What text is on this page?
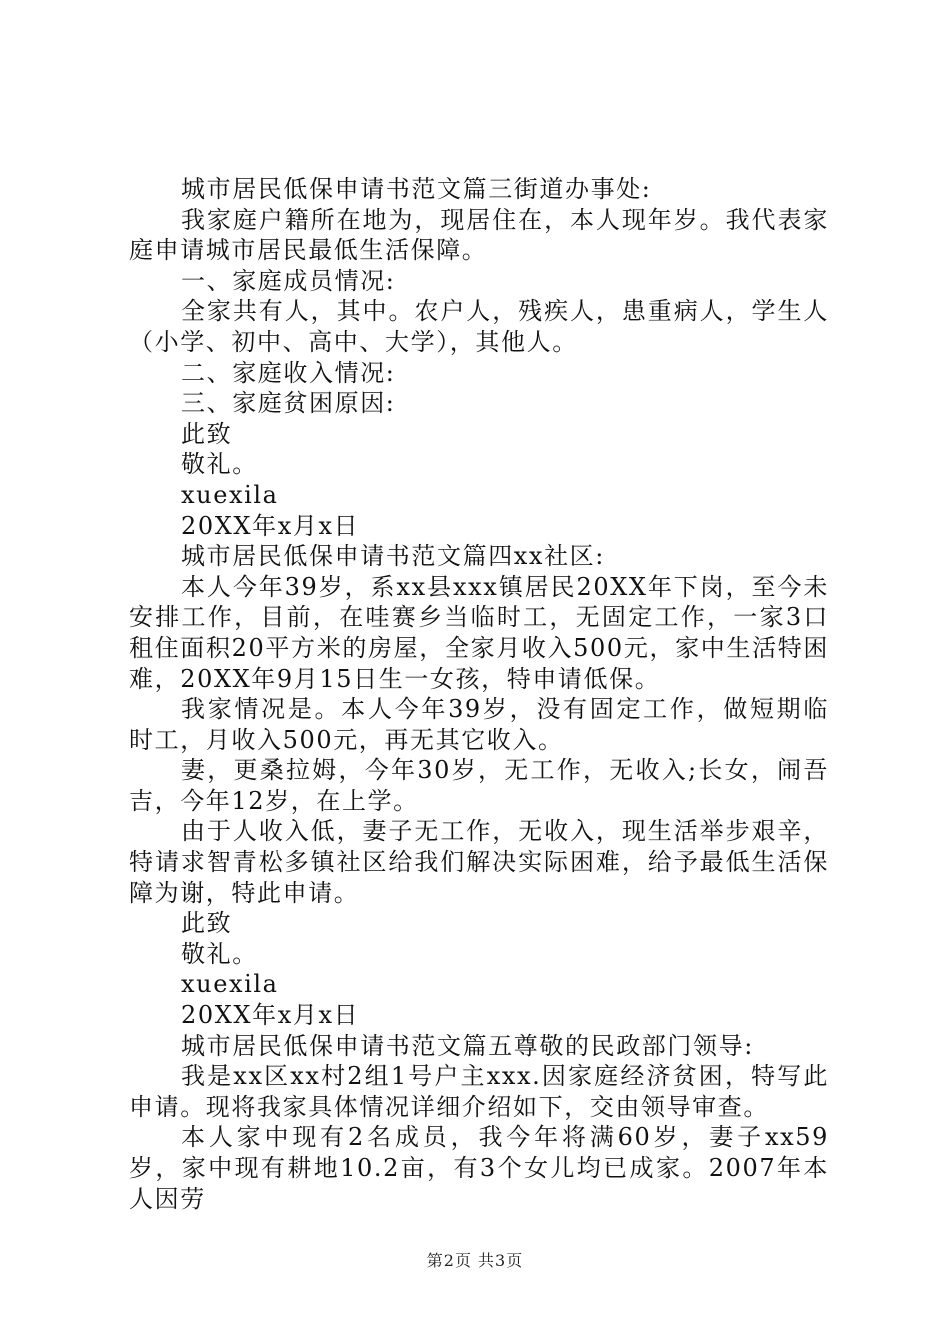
城市居民低保申请书范文篇三街道办事处:

我家庭户籍所在地为，现居住在，本人现年岁。我代表家庭申请城市居民最低生活保障。

一、家庭成员情况:

全家共有人，其中。农户人，残疾人，患重病人，学生人（小学、初中、高中、大学），其他人。

二、家庭收入情况:

三、家庭贫困原因:

此致

敬礼。

xuexila

20XX年x月x日

城市居民低保申请书范文篇四xx社区:

本人今年39岁，系xx县xxx镇居民20XX年下岗，至今未安排工作，目前，在哇赛乡当临时工，无固定工作，一家3口租住面积20平方米的房屋，全家月收入500元，家中生活特困难，20XX年9月15日生一女孩，特申请低保。

我家情况是。本人今年39岁，没有固定工作，做短期临时工，月收入500元，再无其它收入。

妻，更桑拉姆，今年30岁，无工作，无收入;长女，闹吾吉，今年12岁，在上学。

由于人收入低，妻子无工作，无收入，现生活举步艰辛，特请求智青松多镇社区给我们解决实际困难，给予最低生活保障为谢，特此申请。

此致

敬礼。

xuexila

20XX年x月x日

城市居民低保申请书范文篇五尊敬的民政部门领导:

我是xx区xx村2组1号户主xxx.因家庭经济贫困，特写此申请。现将我家具体情况详细介绍如下，交由领导审查。

本人家中现有2名成员，我今年将满60岁，妻子xx59岁，家中现有耕地10.2亩，有3个女儿均已成家。2007年本人因劳

第2页 共3页
